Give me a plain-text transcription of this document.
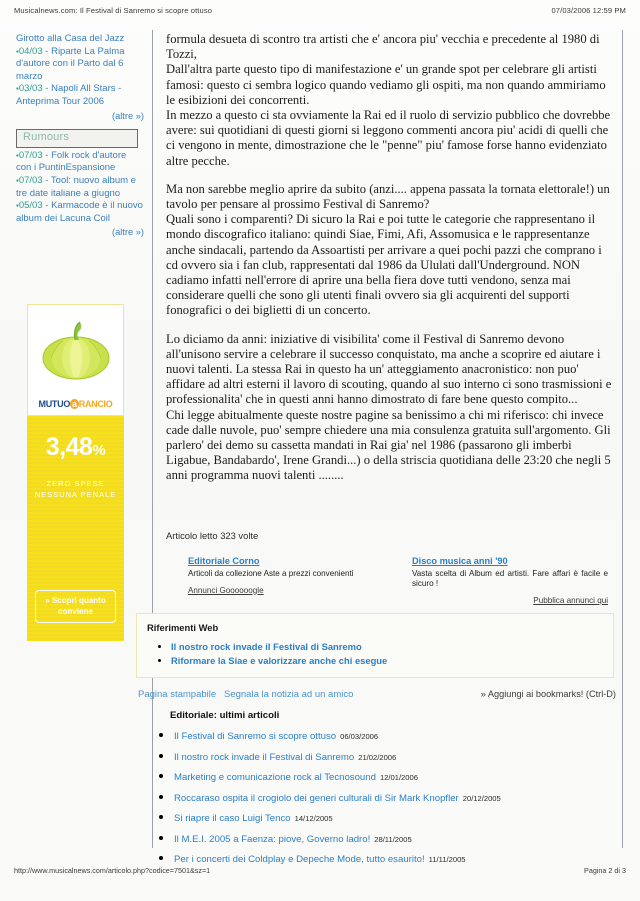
Musicalnews.com: Il Festival di Sanremo si scopre ottuso	07/03/2006 12:59 PM
Girotto alla Casa del Jazz
▪04/03 - Riparte La Palma d'autore con il Parto dal 6 marzo
▪03/03 - Napoli All Stars - Anteprima Tour 2006
(altre »)
Rumours
▪07/03 - Folk rock d'autore con i PuntinEspansione
▪07/03 - Tool: nuovo album e tre date italiane a giugno
▪05/03 - Karmacode è il nuovo album dei Lacuna Coil
(altre »)
MUTUO a RANCIO
3,48%
ZERO SPESE
NESSUNA PENALE
» Scopri quanto conviene

formula desueta di scontro tra artisti che e' ancora piu' vecchia e precedente al 1980 di Tozzi,

Dall'altra parte questo tipo di manifestazione e' un grande spot per celebrare gli artisti famosi: questo ci sembra logico quando vediamo gli ospiti, ma non quando ammiriamo le esibizioni dei concorrenti.

In mezzo a questo ci sta ovviamente la Rai ed il ruolo di servizio pubblico che dovrebbe avere: sui quotidiani di questi giorni si leggono commenti ancora piu' acidi di quelli che ci vengono in mente, dimostrazione che le "penne" piu' famose forse hanno evidenziato altre pecche.

Ma non sarebbe meglio aprire da subito (anzi.... appena passata la tornata elettorale!) un tavolo per pensare al prossimo Festival di Sanremo?

Quali sono i comparenti? Di sicuro la Rai e poi tutte le categorie che rappresentano il mondo discografico italiano: quindi Siae, Fimi, Afi, Assomusica e le rappresentanze anche sindacali, partendo da Assoartisti per arrivare a quei pochi pazzi che comprano i cd ovvero sia i fan club, rappresentati dal 1986 da Ululati dall'Underground. NON cadiamo infatti nell'errore di aprire una bella fiera dove tutti vendono, senza mai considerare quelli che sono gli utenti finali ovvero sia gli acquirenti del supporti fonografici o dei biglietti di un concerto.

Lo diciamo da anni: iniziative di visibilita' come il Festival di Sanremo devono all'unisono servire a celebrare il successo conquistato, ma anche a scoprire ed aiutare i nuovi talenti. La stessa Rai in questo ha un' atteggiamento anacronistico: non puo' affidare ad altri esterni il lavoro di scouting, quando al suo interno ci sono trasmissioni e professionalita' che in questi anni hanno dimostrato di fare bene questo compito...

Chi legge abitualmente queste nostre pagine sa benissimo a chi mi riferisco: chi invece cade dalle nuvole, puo' sempre chiedere una mia consulenza gratuita sull'argomento. Gli parlero' dei demo su cassetta mandati in Rai gia' nel 1986 (passarono gli imberbi Ligabue, Bandabardo', Irene Grandi...) o della striscia quotidiana delle 23:20 che negli 5 anni programma nuovi talenti ........

Articolo letto 323 volte
Editoriale Corno
Articoli da collezione Aste a prezzi convenienti
Annunci Goooooogle
Disco musica anni '90
Vasta scelta di Album ed artisti. Fare affari è facile e sicuro !
Pubblica annunci qui
Riferimenti Web
• Il nostro rock invade il Festival di Sanremo
• Riformare la Siae e valorizzare anche chi esegue
Pagina stampabile Segnala la notizia ad un amico	» Aggiungi ai bookmarks! (Ctrl-D)
Editoriale: ultimi articoli
• Il Festival di Sanremo si scopre ottuso 06/03/2006
• Il nostro rock invade il Festival di Sanremo 21/02/2006
• Marketing e comunicazione rock al Tecnosound 12/01/2006
• Roccaraso ospita il crogiolo dei generi culturali di Sir Mark Knopfler 20/12/2005
• Si riapre il caso Luigi Tenco 14/12/2005
• Il M.E.I. 2005 a Faenza: piove, Governo ladro! 28/11/2005
• Per i concerti dei Coldplay e Depeche Mode, tutto esaurito! 11/11/2005
http://www.musicalnews.com/articolo.php?codice=7501&sz=1	Pagina 2 di 3
